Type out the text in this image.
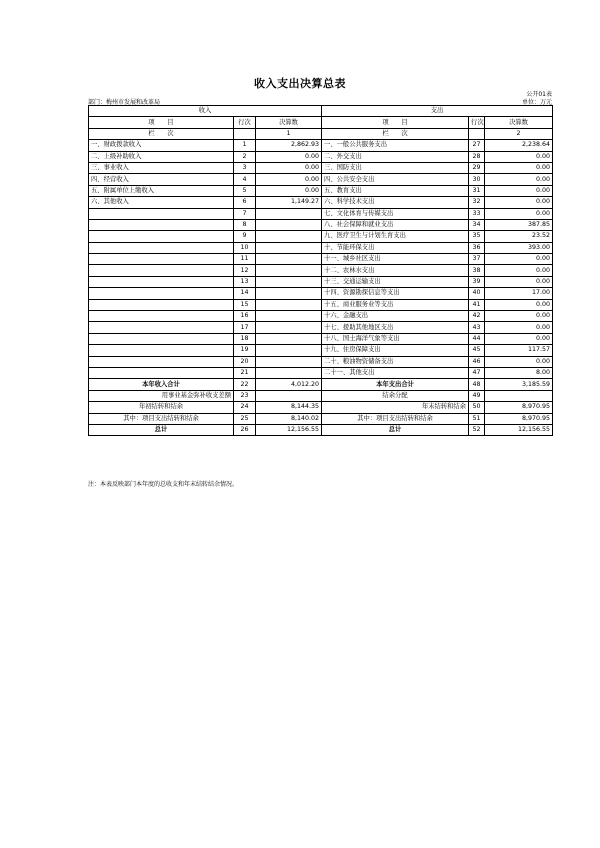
收入支出决算总表
公开01表
部门：梅州市发展和改革局	单位：万元
收入			支出		
项　　目	行次	决算数	项　　目	行次	决算数
栏　　次		1	栏　　次		2
一、财政拨款收入	1	2,862.93	一、一般公共服务支出	27	2,238.64
二、上级补助收入	2	0.00	二、外交支出	28	0.00
三、事业收入	3	0.00	三、国防支出	29	0.00
四、经营收入	4	0.00	四、公共安全支出	30	0.00
五、附属单位上缴收入	5	0.00	五、教育支出	31	0.00
六、其他收入	6	1,149.27	六、科学技术支出	32	0.00
	7		七、文化体育与传媒支出	33	0.00
	8		八、社会保障和就业支出	34	387.85
	9		九、医疗卫生与计划生育支出	35	23.52
	10		十、节能环保支出	36	393.00
	11		十一、城乡社区支出	37	0.00
	12		十二、农林水支出	38	0.00
	13		十三、交通运输支出	39	0.00
	14		十四、资源勘探信息等支出	40	17.00
	15		十五、商业服务业等支出	41	0.00
	16		十六、金融支出	42	0.00
	17		十七、援助其他地区支出	43	0.00
	18		十八、国土海洋气象等支出	44	0.00
	19		十九、住房保障支出	45	117.57
	20		二十、粮油物资储备支出	46	0.00
	21		二十一、其他支出	47	8.00
本年收入合计	22	4,012.20	本年支出合计	48	3,185.59
用事业基金弥补收支差额	23		结余分配	49	
年初结转和结余	24	8,144.35	年末结转和结余	50	8,970.95
其中：项目支出结转和结余	25	8,140.02	其中：项目支出结转和结余	51	8,970.95
总计	26	12,156.55	总计	52	12,156.55
注：本表反映部门本年度的总收支和年末结转结余情况。
